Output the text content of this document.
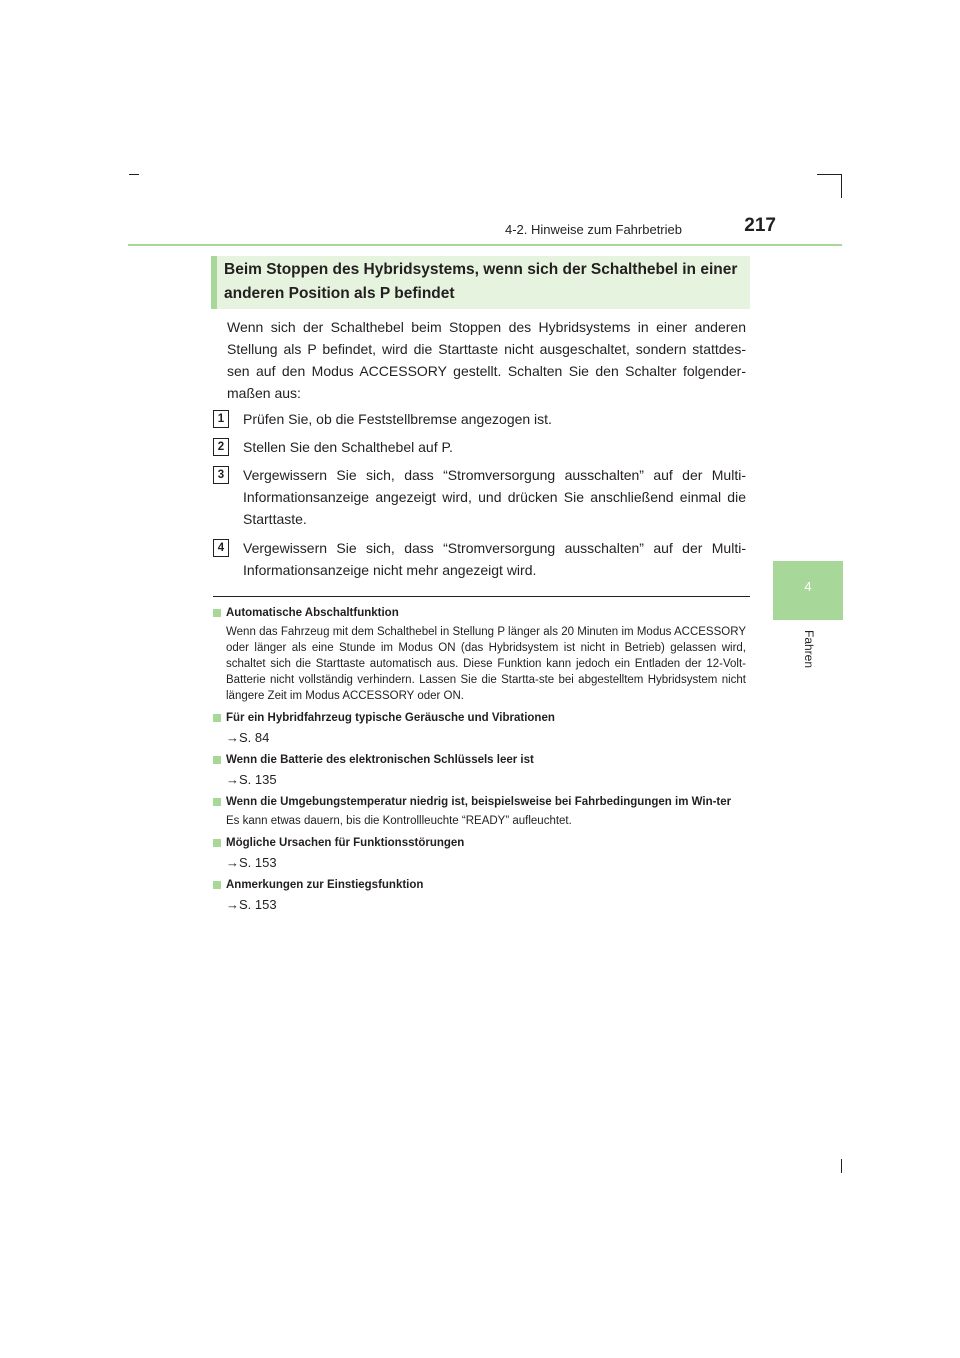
4-2. Hinweise zum Fahrbetrieb	217
4
Fahren
Beim Stoppen des Hybridsystems, wenn sich der Schalthebel in einer anderen Position als P befindet
Wenn sich der Schalthebel beim Stoppen des Hybridsystems in einer anderen Stellung als P befindet, wird die Starttaste nicht ausgeschaltet, sondern stattdes-sen auf den Modus ACCESSORY gestellt. Schalten Sie den Schalter folgender-maßen aus:
1	Prüfen Sie, ob die Feststellbremse angezogen ist.
2	Stellen Sie den Schalthebel auf P.
3	Vergewissern Sie sich, dass “Stromversorgung ausschalten” auf der Multi-Informationsanzeige angezeigt wird, und drücken Sie anschließend einmal die Starttaste.
4	Vergewissern Sie sich, dass “Stromversorgung ausschalten” auf der Multi-Informationsanzeige nicht mehr angezeigt wird.
Automatische Abschaltfunktion
Wenn das Fahrzeug mit dem Schalthebel in Stellung P länger als 20 Minuten im Modus ACCESSORY oder länger als eine Stunde im Modus ON (das Hybridsystem ist nicht in Betrieb) gelassen wird, schaltet sich die Starttaste automatisch aus. Diese Funktion kann jedoch ein Entladen der 12-Volt-Batterie nicht vollständig verhindern. Lassen Sie die Startta-ste bei abgestelltem Hybridsystem nicht längere Zeit im Modus ACCESSORY oder ON.
Für ein Hybridfahrzeug typische Geräusche und Vibrationen
→S. 84
Wenn die Batterie des elektronischen Schlüssels leer ist
→S. 135
Wenn die Umgebungstemperatur niedrig ist, beispielsweise bei Fahrbedingungen im Win-ter
Es kann etwas dauern, bis die Kontrollleuchte “READY” aufleuchtet.
Mögliche Ursachen für Funktionsstörungen
→S. 153
Anmerkungen zur Einstiegsfunktion
→S. 153
